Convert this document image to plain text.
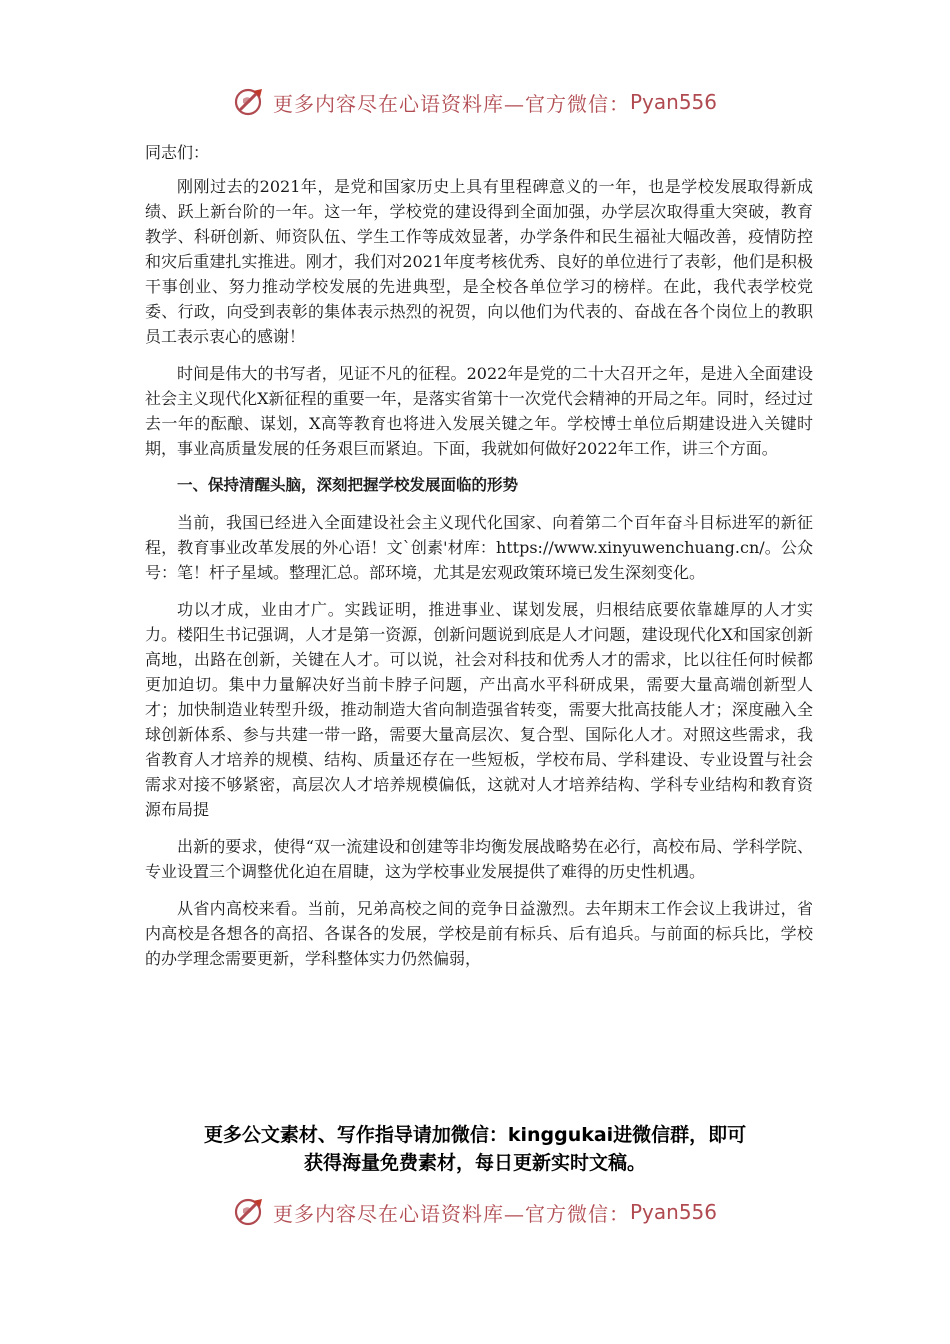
更多内容尽在心语资料库—官方微信： Pyan556

同志们：

刚刚过去的2021年，是党和国家历史上具有里程碑意义的一年，也是学校发展取得新成绩、跃上新台阶的一年。这一年，学校党的建设得到全面加强，办学层次取得重大突破，教育教学、科研创新、师资队伍、学生工作等成效显著，办学条件和民生福祉大幅改善，疫情防控和灾后重建扎实推进。刚才，我们对2021年度考核优秀、良好的单位进行了表彰，他们是积极干事创业、努力推动学校发展的先进典型，是全校各单位学习的榜样。在此，我代表学校党委、行政，向受到表彰的集体表示热烈的祝贺，向以他们为代表的、奋战在各个岗位上的教职员工表示衷心的感谢！

时间是伟大的书写者，见证不凡的征程。2022年是党的二十大召开之年，是进入全面建设社会主义现代化X新征程的重要一年，是落实省第十一次党代会精神的开局之年。同时，经过过去一年的酝酿、谋划，X高等教育也将进入发展关键之年。学校博士单位后期建设进入关键时期，事业高质量发展的任务艰巨而紧迫。下面，我就如何做好2022年工作，讲三个方面。

一、保持清醒头脑，深刻把握学校发展面临的形势

当前，我国已经进入全面建设社会主义现代化国家、向着第二个百年奋斗目标进军的新征程，教育事业改革发展的外心语！文`创素'材库：https://www.xinyuwenchuang.cn/。公众号：笔！杆子星域。整理汇总。部环境，尤其是宏观政策环境已发生深刻变化。

功以才成，业由才广。实践证明，推进事业、谋划发展，归根结底要依靠雄厚的人才实力。楼阳生书记强调，人才是第一资源，创新问题说到底是人才问题，建设现代化X和国家创新高地，出路在创新，关键在人才。可以说，社会对科技和优秀人才的需求，比以往任何时候都更加迫切。集中力量解决好当前卡脖子问题，产出高水平科研成果，需要大量高端创新型人才；加快制造业转型升级，推动制造大省向制造强省转变，需要大批高技能人才；深度融入全球创新体系、参与共建一带一路，需要大量高层次、复合型、国际化人才。对照这些需求，我省教育人才培养的规模、结构、质量还存在一些短板，学校布局、学科建设、专业设置与社会需求对接不够紧密，高层次人才培养规模偏低，这就对人才培养结构、学科专业结构和教育资源布局提

出新的要求，使得“双一流建设和创建等非均衡发展战略势在必行，高校布局、学科学院、专业设置三个调整优化迫在眉睫，这为学校事业发展提供了难得的历史性机遇。

从省内高校来看。当前，兄弟高校之间的竞争日益激烈。去年期末工作会议上我讲过，省内高校是各想各的高招、各谋各的发展，学校是前有标兵、后有追兵。与前面的标兵比，学校的办学理念需要更新，学科整体实力仍然偏弱，

更多公文素材、写作指导请加微信：kinggukai进微信群，即可
获得海量免费素材，每日更新实时文稿。
更多内容尽在心语资料库—官方微信： Pyan556
